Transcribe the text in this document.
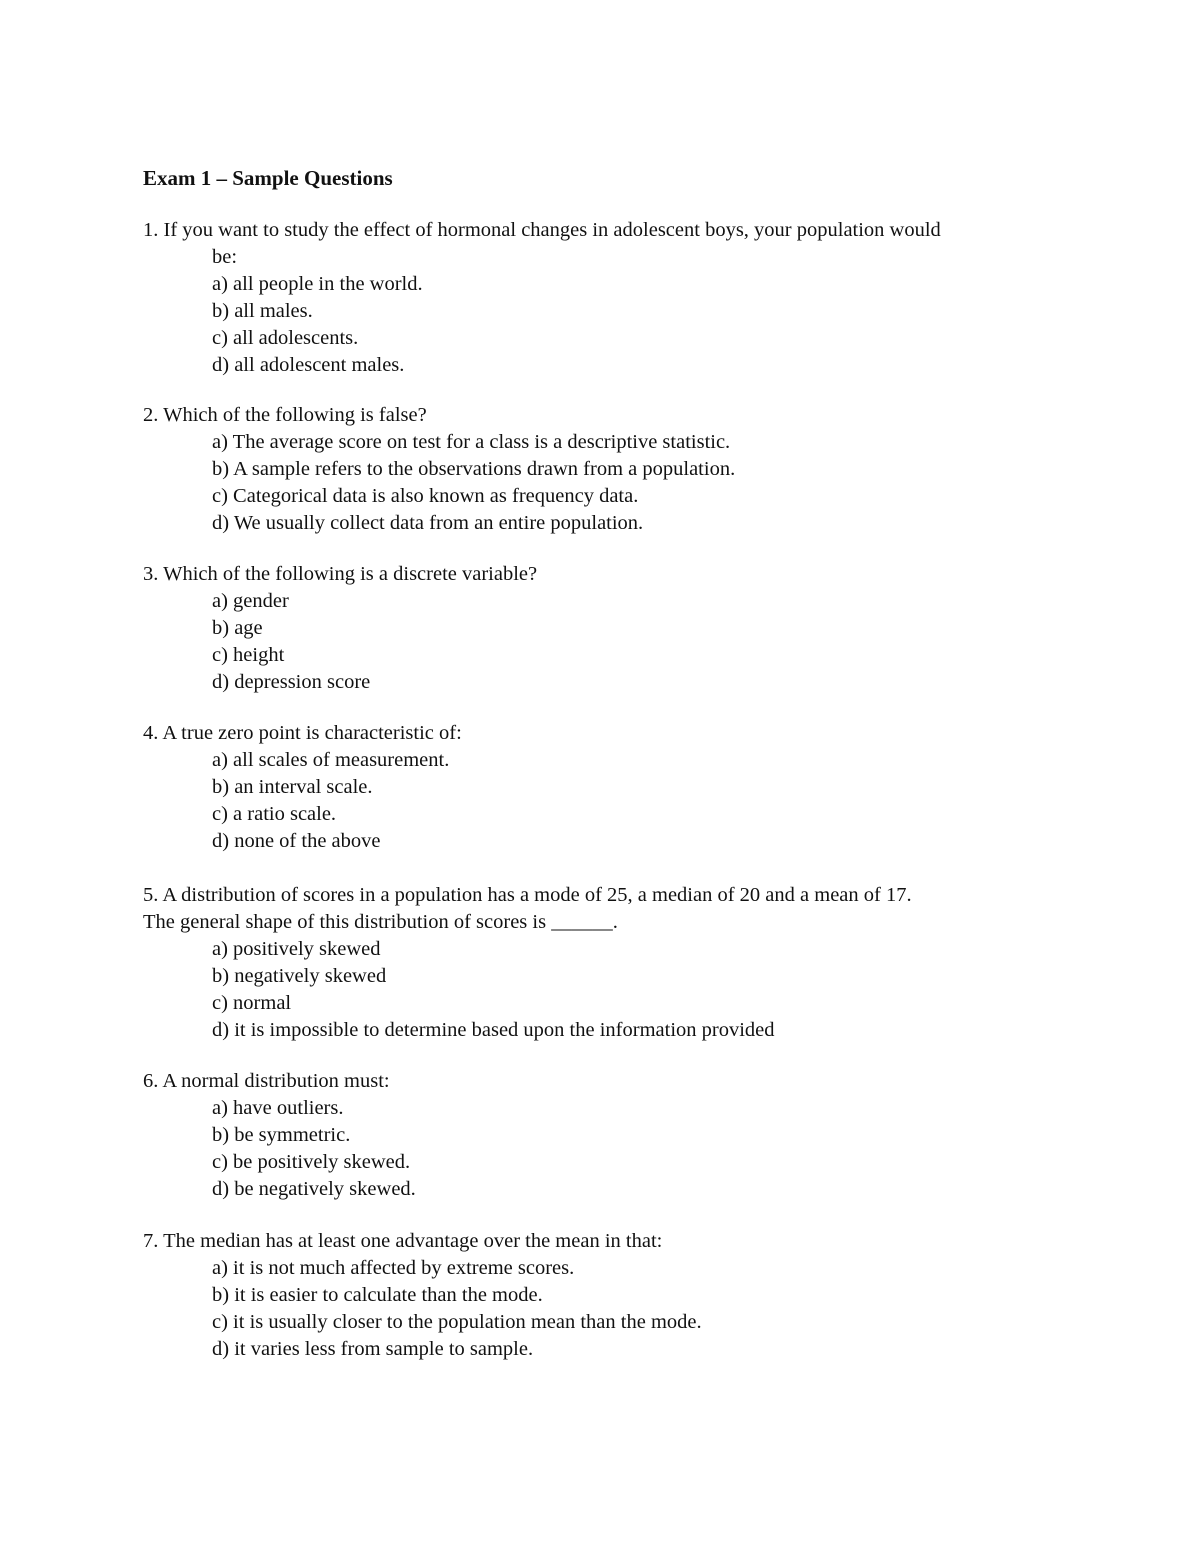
Exam 1 – Sample Questions
1. If you want to study the effect of hormonal changes in adolescent boys, your population would
be:
a) all people in the world.
b) all males.
c) all adolescents.
d) all adolescent males.
2. Which of the following is false?
a) The average score on test for a class is a descriptive statistic.
b) A sample refers to the observations drawn from a population.
c) Categorical data is also known as frequency data.
d) We usually collect data from an entire population.
3. Which of the following is a discrete variable?
a) gender
b) age
c) height
d) depression score
4. A true zero point is characteristic of:
a) all scales of measurement.
b) an interval scale.
c) a ratio scale.
d) none of the above
5. A distribution of scores in a population has a mode of 25, a median of 20 and a mean of 17.
The general shape of this distribution of scores is ______.
a) positively skewed
b) negatively skewed
c) normal
d) it is impossible to determine based upon the information provided
6. A normal distribution must:
a) have outliers.
b) be symmetric.
c) be positively skewed.
d) be negatively skewed.
7. The median has at least one advantage over the mean in that:
a) it is not much affected by extreme scores.
b) it is easier to calculate than the mode.
c) it is usually closer to the population mean than the mode.
d) it varies less from sample to sample.
